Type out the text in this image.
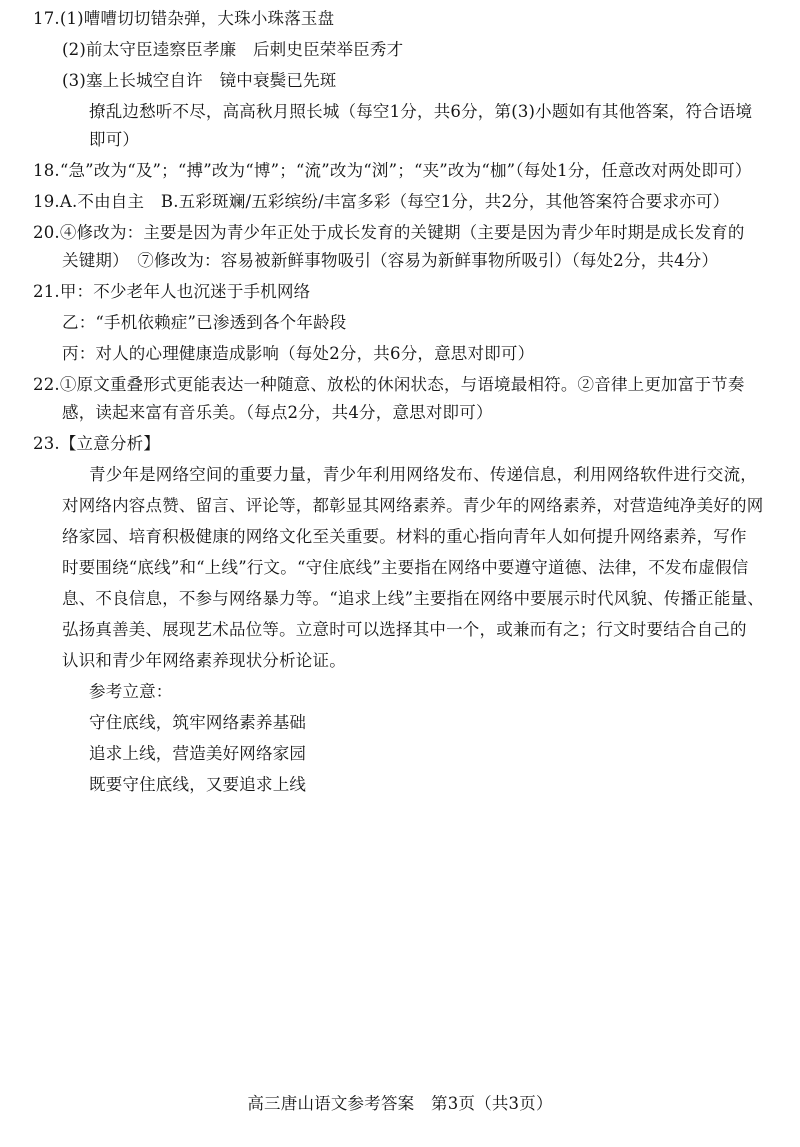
17.(1)嘈嘈切切错杂弹，大珠小珠落玉盘
(2)前太守臣逵察臣孝廉　后刺史臣荣举臣秀才
(3)塞上长城空自许　镜中衰鬓已先斑
撩乱边愁听不尽，高高秋月照长城（每空1分，共6分，第(3)小题如有其他答案，符合语境
即可）
18.“急”改为“及”；“搏”改为“博”；“流”改为“浏”；“夹”改为“枷”（每处1分，任意改对两处即可）
19.A.不由自主　B.五彩斑斓/五彩缤纷/丰富多彩（每空1分，共2分，其他答案符合要求亦可）
20.④修改为：主要是因为青少年正处于成长发育的关键期（主要是因为青少年时期是成长发育的
关键期）　⑦修改为：容易被新鲜事物吸引（容易为新鲜事物所吸引）（每处2分，共4分）
21.甲：不少老年人也沉迷于手机网络
乙：“手机依赖症”已渗透到各个年龄段
丙：对人的心理健康造成影响（每处2分，共6分，意思对即可）
22.①原文重叠形式更能表达一种随意、放松的休闲状态，与语境最相符。②音律上更加富于节奏
感，读起来富有音乐美。（每点2分，共4分，意思对即可）
23.【立意分析】
青少年是网络空间的重要力量，青少年利用网络发布、传递信息，利用网络软件进行交流，
对网络内容点赞、留言、评论等，都彰显其网络素养。青少年的网络素养，对营造纯净美好的网
络家园、培育积极健康的网络文化至关重要。材料的重心指向青年人如何提升网络素养，写作
时要围绕“底线”和“上线”行文。“守住底线”主要指在网络中要遵守道德、法律，不发布虚假信
息、不良信息，不参与网络暴力等。“追求上线”主要指在网络中要展示时代风貌、传播正能量、
弘扬真善美、展现艺术品位等。立意时可以选择其中一个，或兼而有之；行文时要结合自己的
认识和青少年网络素养现状分析论证。
参考立意：
守住底线，筑牢网络素养基础
追求上线，营造美好网络家园
既要守住底线，又要追求上线
高三唐山语文参考答案　第3页（共3页）
